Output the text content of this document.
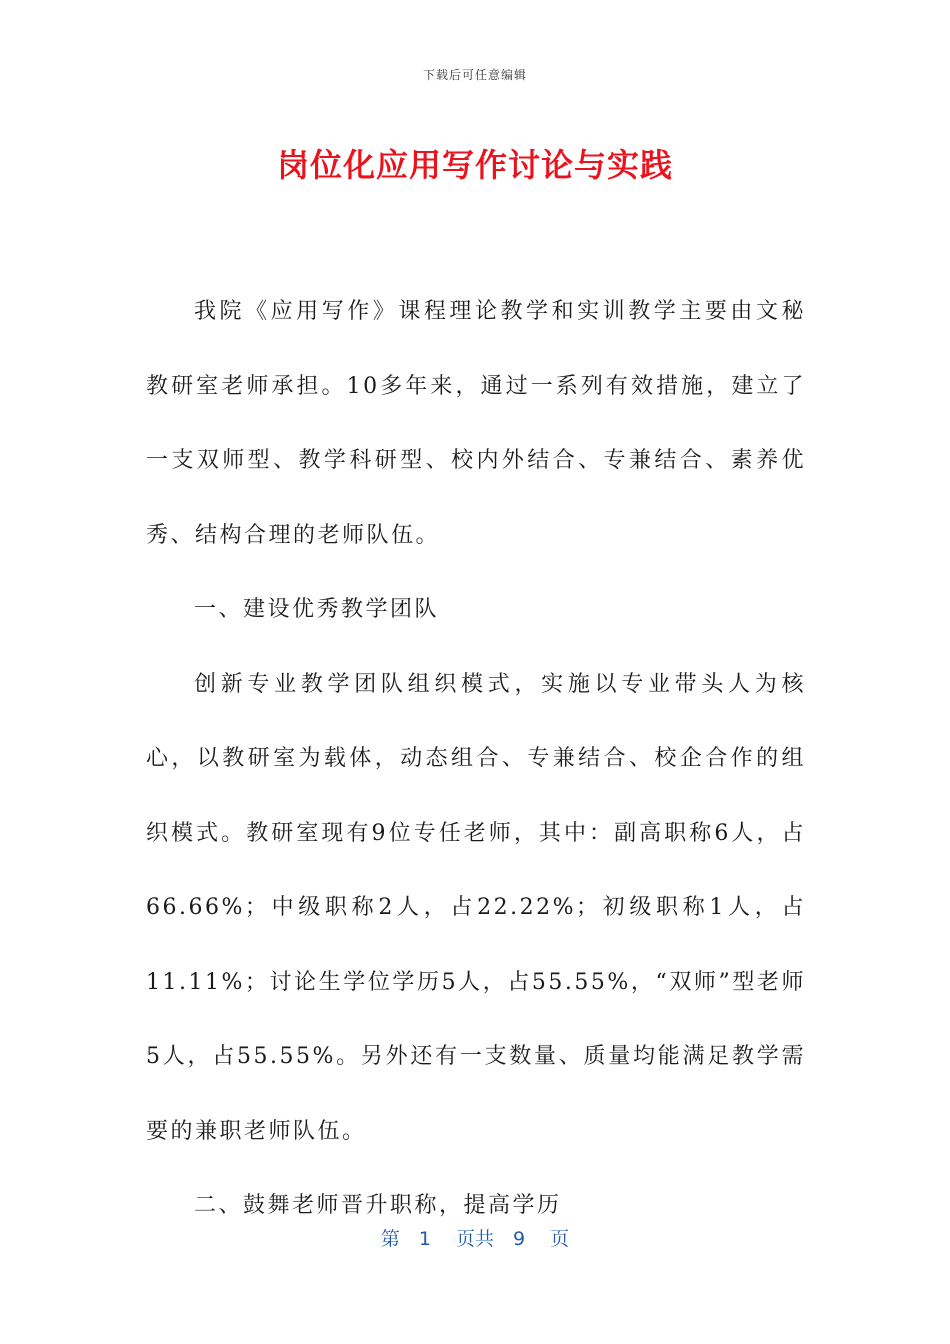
下载后可任意编辑
岗位化应用写作讨论与实践

我院《应用写作》课程理论教学和实训教学主要由文秘教研室老师承担。10多年来，通过一系列有效措施，建立了一支双师型、教学科研型、校内外结合、专兼结合、素养优秀、结构合理的老师队伍。

一、建设优秀教学团队

创新专业教学团队组织模式，实施以专业带头人为核心，以教研室为载体，动态组合、专兼结合、校企合作的组织模式。教研室现有9位专任老师，其中：副高职称6人，占66.66%；中级职称2人，占22.22%；初级职称1人，占11.11%；讨论生学位学历5人，占55.55%，“双师”型老师5人，占55.55%。另外还有一支数量、质量均能满足教学需要的兼职老师队伍。

二、鼓舞老师晋升职称，提高学历

第　1　 页共　9　 页
